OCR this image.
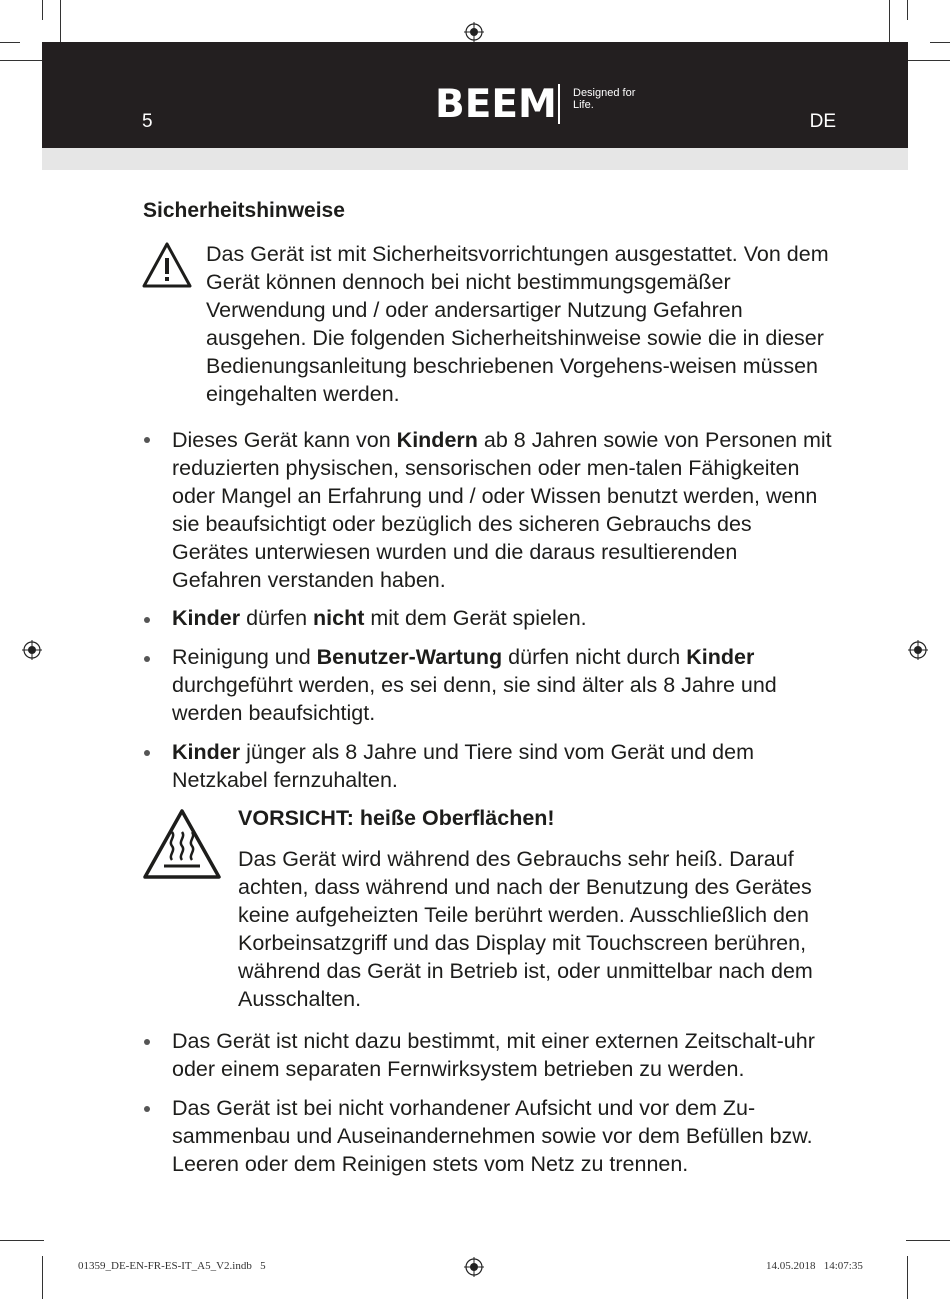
5	BEEM Designed for Life.
DE
Sicherheitshinweise

Das Gerät ist mit Sicherheitsvorrichtungen ausgestattet. Von dem Gerät können dennoch bei nicht bestimmungsgemäßer Verwendung und / oder andersartiger Nutzung Gefahren ausgehen. Die folgenden Sicherheitshinweise sowie die in dieser Bedienungsanleitung beschriebenen Vorgehens-weisen müssen eingehalten werden.

Dieses Gerät kann von Kindern ab 8 Jahren sowie von Personen mit reduzierten physischen, sensorischen oder men-talen Fähigkeiten oder Mangel an Erfahrung und / oder Wissen benutzt werden, wenn sie beaufsichtigt oder bezüglich des sicheren Gebrauchs des Gerätes unterwiesen wurden und die daraus resultierenden Gefahren verstanden haben.

Kinder dürfen nicht mit dem Gerät spielen.

Reinigung und Benutzer-Wartung dürfen nicht durch Kinder durchgeführt werden, es sei denn, sie sind älter als 8 Jahre und werden beaufsichtigt.

Kinder jünger als 8 Jahre und Tiere sind vom Gerät und dem Netzkabel fernzuhalten.

VORSICHT: heiße Oberflächen!

Das Gerät wird während des Gebrauchs sehr heiß. Darauf achten, dass während und nach der Benutzung des Gerätes keine aufgeheizten Teile berührt werden. Ausschließlich den Korbeinsatzgriff und das Display mit Touchscreen berühren, während das Gerät in Betrieb ist, oder unmittelbar nach dem Ausschalten.

Das Gerät ist nicht dazu bestimmt, mit einer externen Zeitschalt-uhr oder einem separaten Fernwirksystem betrieben zu werden.

Das Gerät ist bei nicht vorhandener Aufsicht und vor dem Zu-sammenbau und Auseinandernehmen sowie vor dem Befüllen bzw. Leeren oder dem Reinigen stets vom Netz zu trennen.

01359_DE-EN-FR-ES-IT_A5_V2.indb   5	14.05.2018   14:07:35
